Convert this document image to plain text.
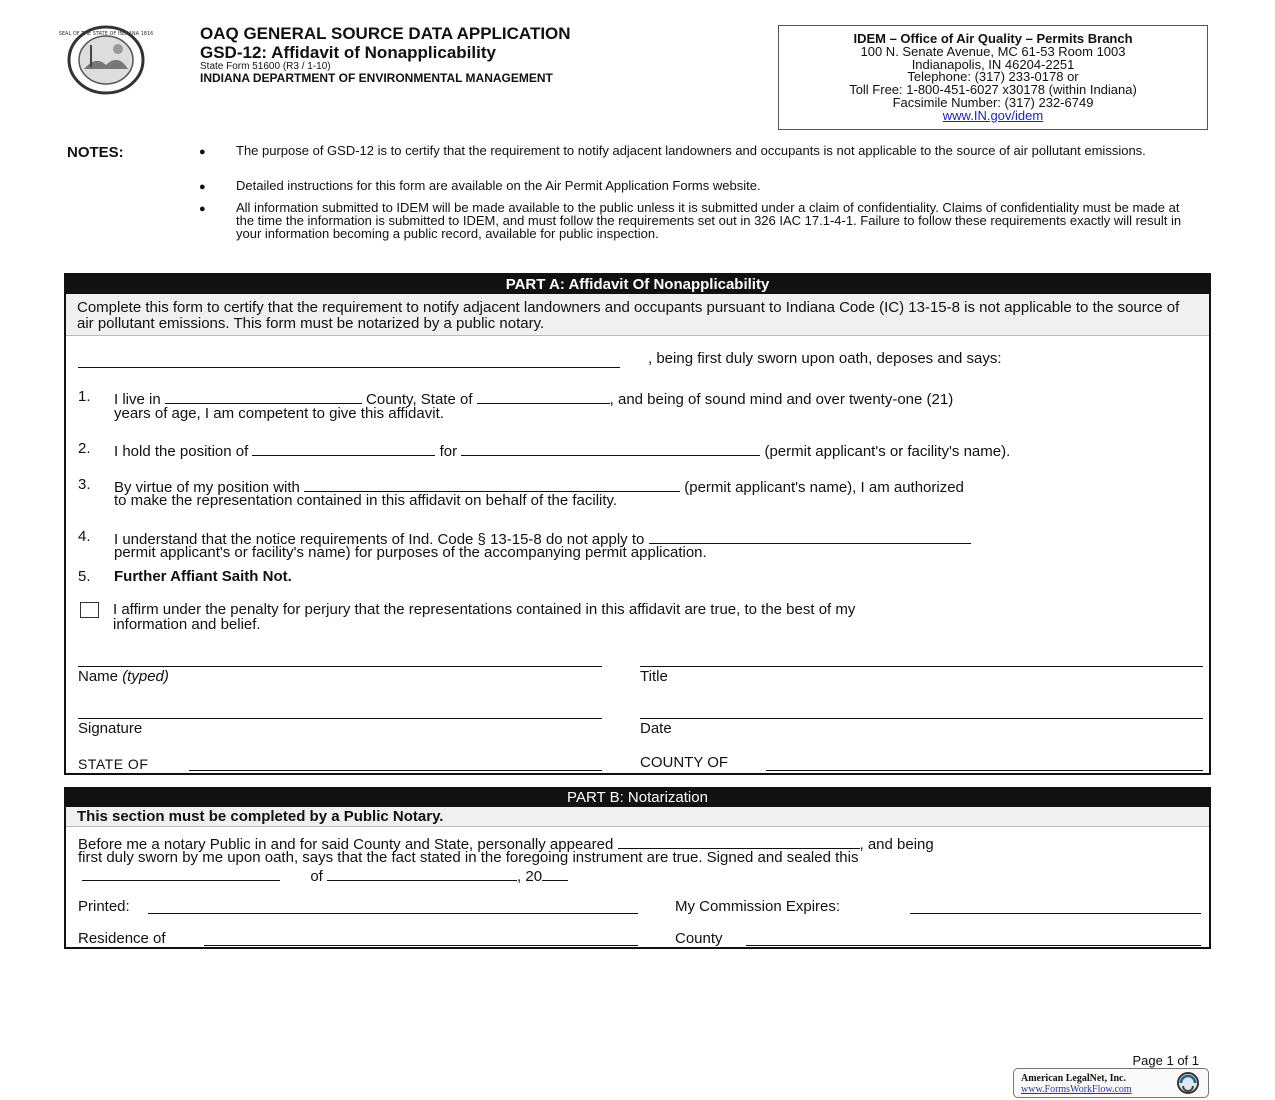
SEAL OF THE STATE OF INDIANA 1816	OAQ GENERAL SOURCE DATA APPLICATION
GSD-12: Affidavit of Nonapplicability
State Form 51600 (R3 / 1-10)
INDIANA DEPARTMENT OF ENVIRONMENTAL MANAGEMENT
IDEM – Office of Air Quality – Permits Branch
100 N. Senate Avenue, MC 61-53 Room 1003
Indianapolis, IN 46204-2251
Telephone: (317) 233-0178 or
Toll Free: 1-800-451-6027 x30178 (within Indiana)
Facsimile Number: (317) 232-6749
www.IN.gov/idem
NOTES:	● The purpose of GSD-12 is to certify that the requirement to notify adjacent landowners and occupants is not applicable to the source of air pollutant emissions.
● Detailed instructions for this form are available on the Air Permit Application Forms website.
● All information submitted to IDEM will be made available to the public unless it is submitted under a claim of confidentiality. Claims of confidentiality must be made at the time the information is submitted to IDEM, and must follow the requirements set out in 326 IAC 17.1-4-1. Failure to follow these requirements exactly will result in your information becoming a public record, available for public inspection.
PART A: Affidavit Of Nonapplicability
Complete this form to certify that the requirement to notify adjacent landowners and occupants pursuant to Indiana Code (IC) 13-15-8 is not applicable to the source of air pollutant emissions. This form must be notarized by a public notary.
, being first duly sworn upon oath, deposes and says:
1. I live in	County, State of	, and being of sound mind and over twenty-one (21)
years of age, I am competent to give this affidavit.
2. I hold the position of	for	(permit applicant's or facility's name).
3. By virtue of my position with	(permit applicant's name), I am authorized
to make the representation contained in this affidavit on behalf of the facility.
4. I understand that the notice requirements of Ind. Code § 13-15-8 do not apply to
permit applicant's or facility's name) for purposes of the accompanying permit application.
5. Further Affiant Saith Not.
I affirm under the penalty for perjury that the representations contained in this affidavit are true, to the best of my
information and belief.
Name (typed)	Title
Signature	Date
STATE OF	COUNTY OF
PART B: Notarization
This section must be completed by a Public Notary.
Before me a notary Public in and for said County and State, personally appeared	, and being
first duly sworn by me upon oath, says that the fact stated in the foregoing instrument are true. Signed and sealed this
of	, 20
Printed:	My Commission Expires:
Residence of	County
Page 1 of 1
American LegalNet, Inc.
www.FormsWorkFlow.com
